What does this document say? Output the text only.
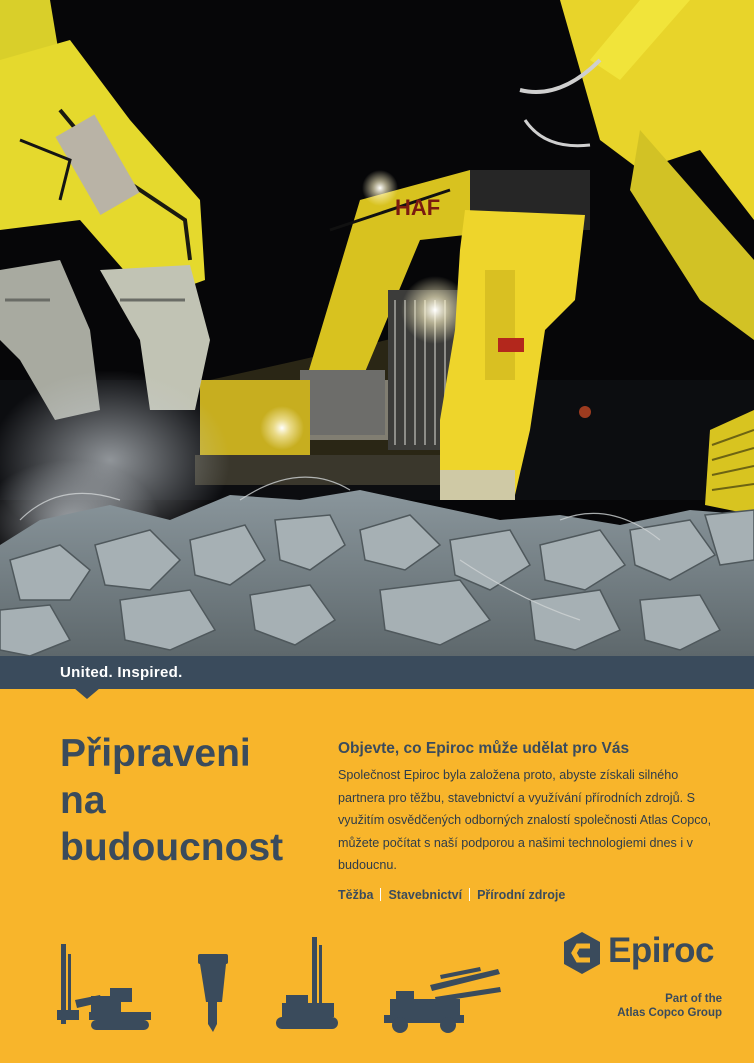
HAF
United. Inspired.
Připraveni
na
budoucnost

Objevte, co Epiroc může udělat pro Vás

Společnost Epiroc byla založena proto, abyste získali silného partnera pro těžbu, stavebnictví a využívání přírodních zdrojů. S využitím osvědčených odborných znalostí společnosti Atlas Copco, můžete počítat s naší podporou a našimi technologiemi dnes i v budoucnu.

Těžba Stavebnictví Přírodní zdroje
Epiroc
Part of the
Atlas Copco Group
